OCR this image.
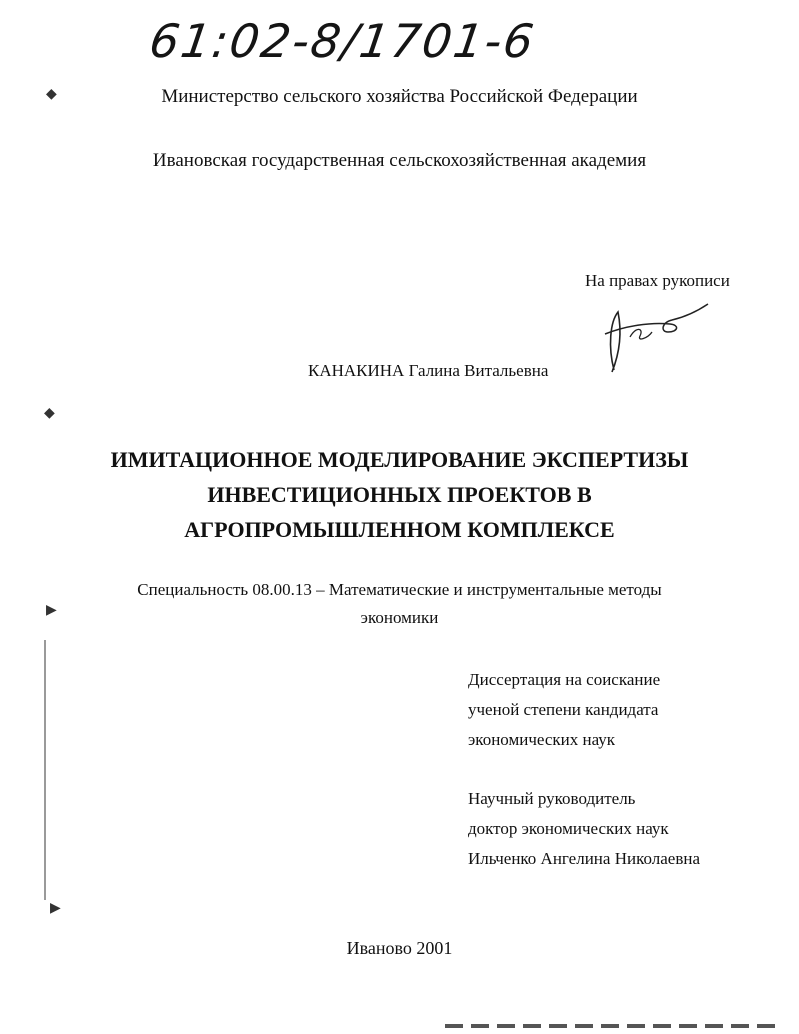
61:02-8/1701-6
◆
◆
▶
▶
Министерство сельского хозяйства Российской Федерации
Ивановская государственная сельскохозяйственная академия
На правах рукописи
КАНАКИНА Галина Витальевна
ИМИТАЦИОННОЕ МОДЕЛИРОВАНИЕ ЭКСПЕРТИЗЫ
ИНВЕСТИЦИОННЫХ ПРОЕКТОВ В
АГРОПРОМЫШЛЕННОМ КОМПЛЕКСЕ
Специальность 08.00.13 – Математические и инструментальные методы
экономики
Диссертация на соискание
ученой степени кандидата
экономических наук
Научный руководитель
доктор экономических наук
Ильченко Ангелина Николаевна
Иваново 2001
